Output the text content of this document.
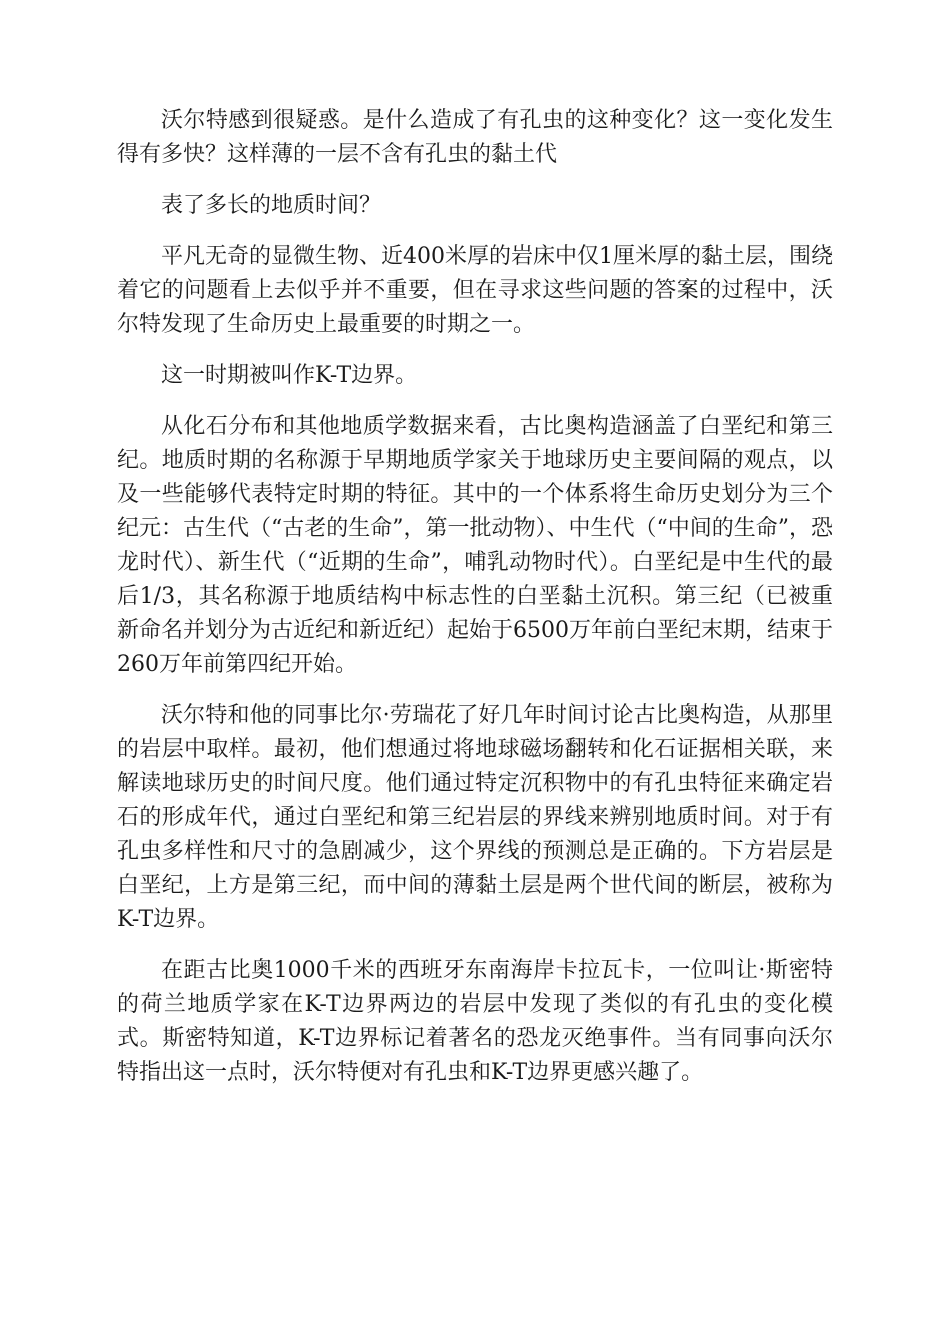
沃尔特感到很疑惑。是什么造成了有孔虫的这种变化？这一变化发生得有多快？这样薄的一层不含有孔虫的黏土代

表了多长的地质时间？

平凡无奇的显微生物、近400米厚的岩床中仅1厘米厚的黏土层，围绕着它的问题看上去似乎并不重要，但在寻求这些问题的答案的过程中，沃尔特发现了生命历史上最重要的时期之一。

这一时期被叫作K-T边界。

从化石分布和其他地质学数据来看，古比奥构造涵盖了白垩纪和第三纪。地质时期的名称源于早期地质学家关于地球历史主要间隔的观点，以及一些能够代表特定时期的特征。其中的一个体系将生命历史划分为三个纪元：古生代（“古老的生命”，第一批动物）、中生代（“中间的生命”，恐龙时代）、新生代（“近期的生命”，哺乳动物时代）。白垩纪是中生代的最后1/3，其名称源于地质结构中标志性的白垩黏土沉积。第三纪（已被重新命名并划分为古近纪和新近纪）起始于6500万年前白垩纪末期，结束于260万年前第四纪开始。

沃尔特和他的同事比尔·劳瑞花了好几年时间讨论古比奥构造，从那里的岩层中取样。最初，他们想通过将地球磁场翻转和化石证据相关联，来解读地球历史的时间尺度。他们通过特定沉积物中的有孔虫特征来确定岩石的形成年代，通过白垩纪和第三纪岩层的界线来辨别地质时间。对于有孔虫多样性和尺寸的急剧减少，这个界线的预测总是正确的。下方岩层是白垩纪，上方是第三纪，而中间的薄黏土层是两个世代间的断层，被称为K-T边界。

在距古比奥1000千米的西班牙东南海岸卡拉瓦卡，一位叫让·斯密特的荷兰地质学家在K-T边界两边的岩层中发现了类似的有孔虫的变化模式。斯密特知道，K-T边界标记着著名的恐龙灭绝事件。当有同事向沃尔特指出这一点时，沃尔特便对有孔虫和K-T边界更感兴趣了。
